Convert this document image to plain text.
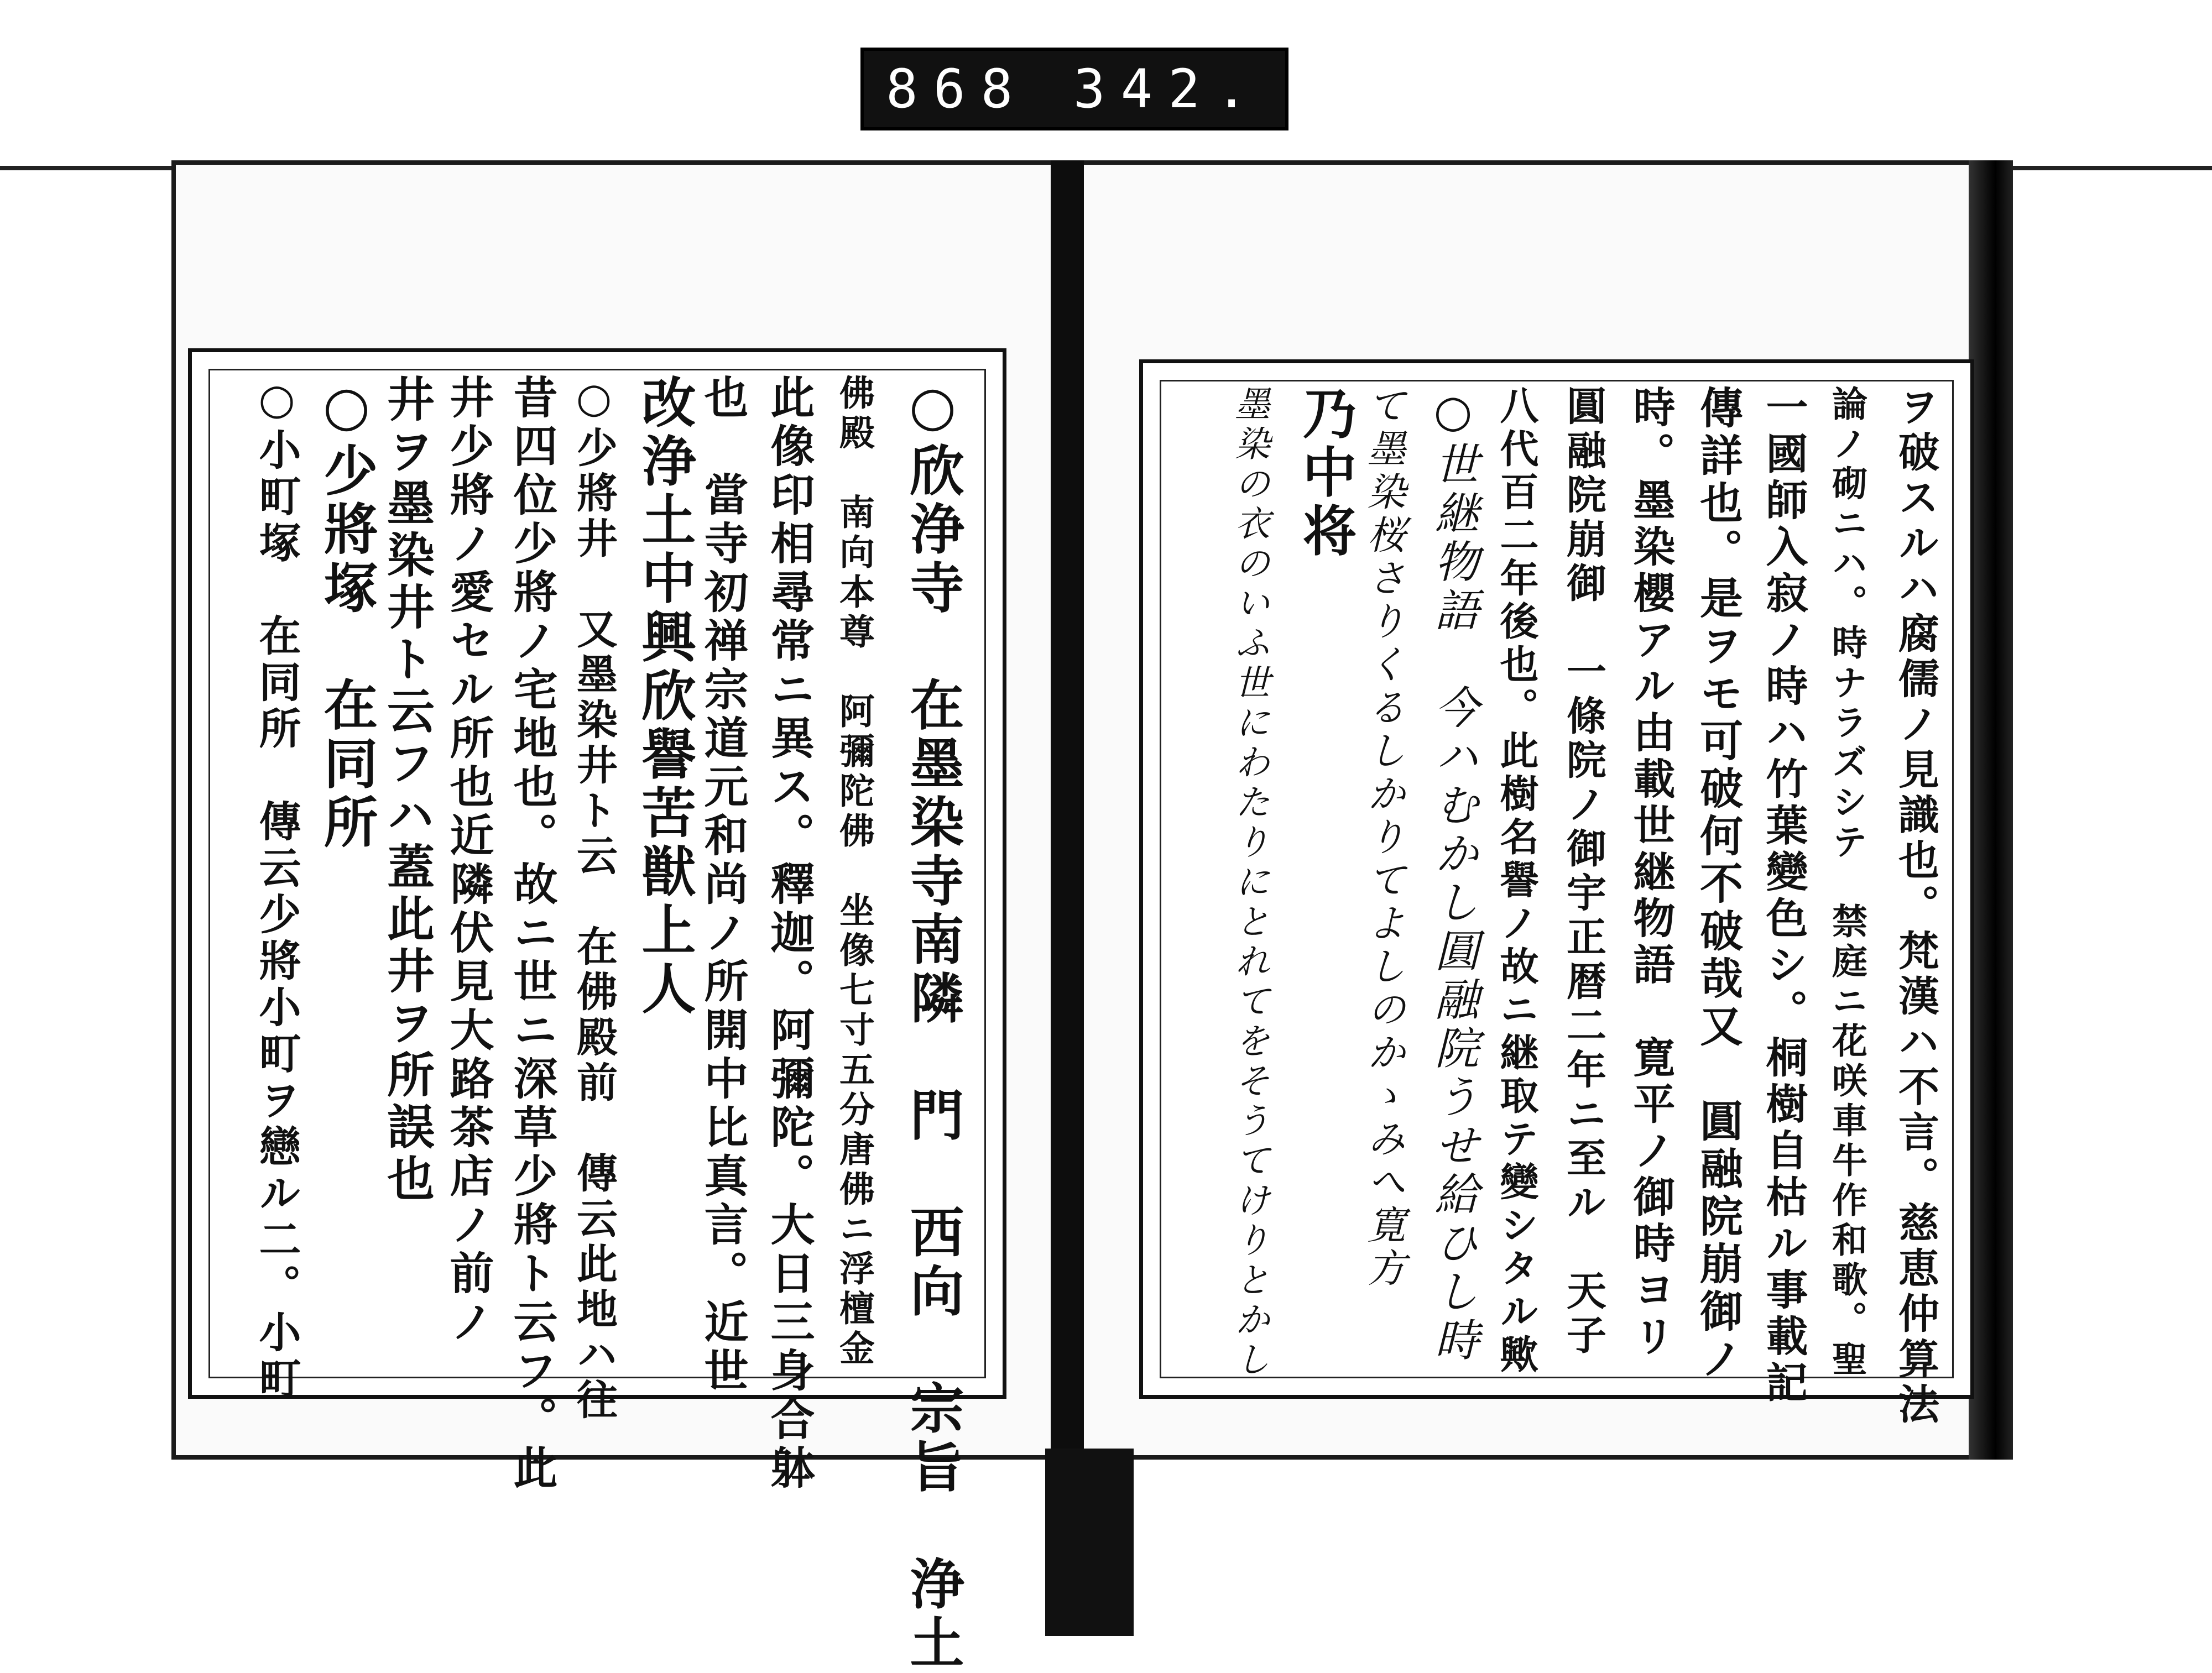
868 342.
○欣浄寺　在墨染寺南隣　門　西向　宗旨　浄土
佛殿　南向本尊　阿彌陀佛　坐像七寸五分唐佛ニ浮檀金
此像印相尋常ニ異ス。釋迦。阿彌陀。大日三身合躰
也　當寺初禅宗道元和尚ノ所開中比真言。近世
改浄土中興欣譽苦獣上人
○少將井　又墨染井ト云　在佛殿前　傳云此地ハ往
昔四位少將ノ宅地也。故ニ世ニ深草少將ト云フ。此
井少將ノ愛セル所也近隣伏見大路茶店ノ前ノ
井ヲ墨染井ト云フハ蓋此井ヲ所誤也
○少將塚　在同所
○小町塚　在同所　傳云少將小町ヲ戀ル二。小町	ヲ破スルハ腐儒ノ見識也。梵漢ハ不言。慈恵仲算法
論ノ砌ニハ。時ナラズシテ　禁庭ニ花咲車牛作和歌。聖
一國師入寂ノ時ハ竹葉變色シ。桐樹自枯ル事載記
傳詳也。是ヲモ可破何不破哉又　圓融院崩御ノ
時。墨染櫻アル由載世継物語　寛平ノ御時ヨリ
圓融院崩御　一條院ノ御宇正暦二年ニ至ル　天子
八代百二年後也。此樹名譽ノ故ニ継取テ變シタル歟
○世継物語　今ハむかし圓融院うせ給ひし時
て墨染桜さりくるしかりてよしのかゝみへ寛方
乃中将
墨染の衣のいふ世にわたりにとれてをそうてけりとかし
